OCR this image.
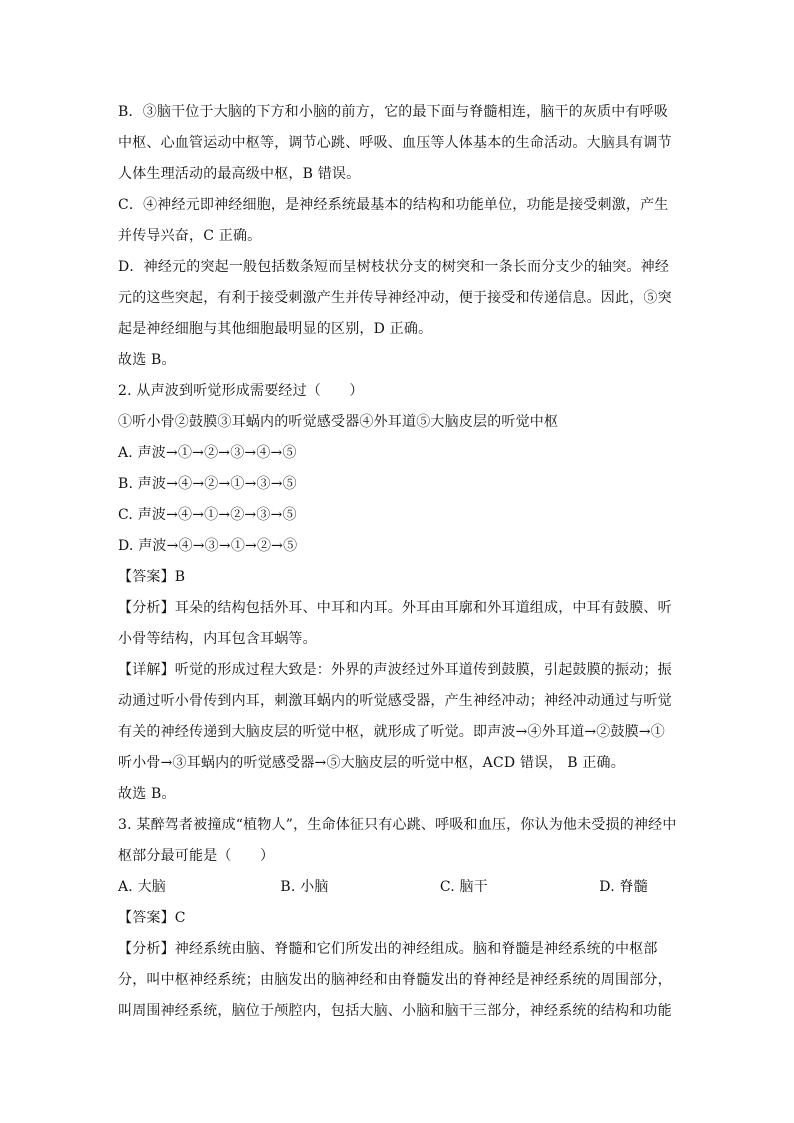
B．③脑干位于大脑的下方和小脑的前方，它的最下面与脊髓相连，脑干的灰质中有呼吸
中枢、心血管运动中枢等，调节心跳、呼吸、血压等人体基本的生命活动。大脑具有调节
人体生理活动的最高级中枢，B 错误。
C．④神经元即神经细胞，是神经系统最基本的结构和功能单位，功能是接受刺激，产生
并传导兴奋，C 正确。
D．神经元的突起一般包括数条短而呈树枝状分支的树突和一条长而分支少的轴突。神经
元的这些突起，有利于接受刺激产生并传导神经冲动，便于接受和传递信息。因此，⑤突
起是神经细胞与其他细胞最明显的区别，D 正确。
故选 B。
2. 从声波到听觉形成需要经过（　　）
①听小骨②鼓膜③耳蜗内的听觉感受器④外耳道⑤大脑皮层的听觉中枢
A. 声波→①→②→③→④→⑤
B. 声波→④→②→①→③→⑤
C. 声波→④→①→②→③→⑤
D. 声波→④→③→①→②→⑤
【答案】B
【分析】耳朵的结构包括外耳、中耳和内耳。外耳由耳廓和外耳道组成，中耳有鼓膜、听
小骨等结构，内耳包含耳蜗等。
【详解】听觉的形成过程大致是：外界的声波经过外耳道传到鼓膜，引起鼓膜的振动；振
动通过听小骨传到内耳，刺激耳蜗内的听觉感受器，产生神经冲动；神经冲动通过与听觉
有关的神经传递到大脑皮层的听觉中枢，就形成了听觉。即声波→④外耳道→②鼓膜→①
听小骨→③耳蜗内的听觉感受器→⑤大脑皮层的听觉中枢，ACD 错误， B 正确。
故选 B。
3. 某醉驾者被撞成“植物人”，生命体征只有心跳、呼吸和血压，你认为他未受损的神经中
枢部分最可能是（　　）
A. 大脑	B. 小脑	C. 脑干	D. 脊髓
【答案】C
【分析】神经系统由脑、脊髓和它们所发出的神经组成。脑和脊髓是神经系统的中枢部
分，叫中枢神经系统；由脑发出的脑神经和由脊髓发出的脊神经是神经系统的周围部分，
叫周围神经系统，脑位于颅腔内，包括大脑、小脑和脑干三部分，神经系统的结构和功能
